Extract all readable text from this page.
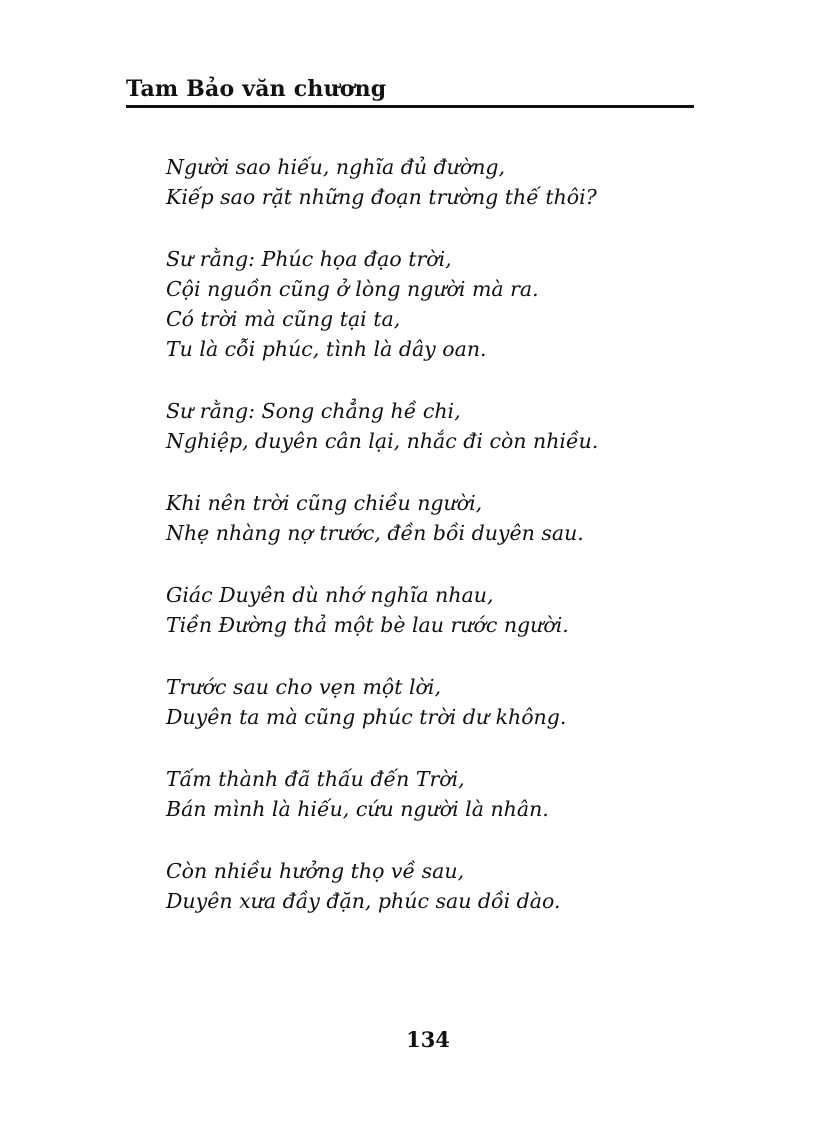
Tam Bảo văn chương
Người sao hiếu, nghĩa đủ đường,
Kiếp sao rặt những đoạn trường thế thôi?
Sư rằng: Phúc họa đạo trời,
Cội nguồn cũng ở lòng người mà ra.
Có trời mà cũng tại ta,
Tu là cỗi phúc, tình là dây oan.
Sư rằng: Song chẳng hề chi,
Nghiệp, duyên cân lại, nhắc đi còn nhiều.
Khi nên trời cũng chiều người,
Nhẹ nhàng nợ trước, đền bồi duyên sau.
Giác Duyên dù nhớ nghĩa nhau,
Tiền Đường thả một bè lau rước người.
Trước sau cho vẹn một lời,
Duyên ta mà cũng phúc trời dư không.
Tấm thành đã thấu đến Trời,
Bán mình là hiếu, cứu người là nhân.
Còn nhiều hưởng thọ về sau,
Duyên xưa đầy đặn, phúc sau dồi dào.
134
